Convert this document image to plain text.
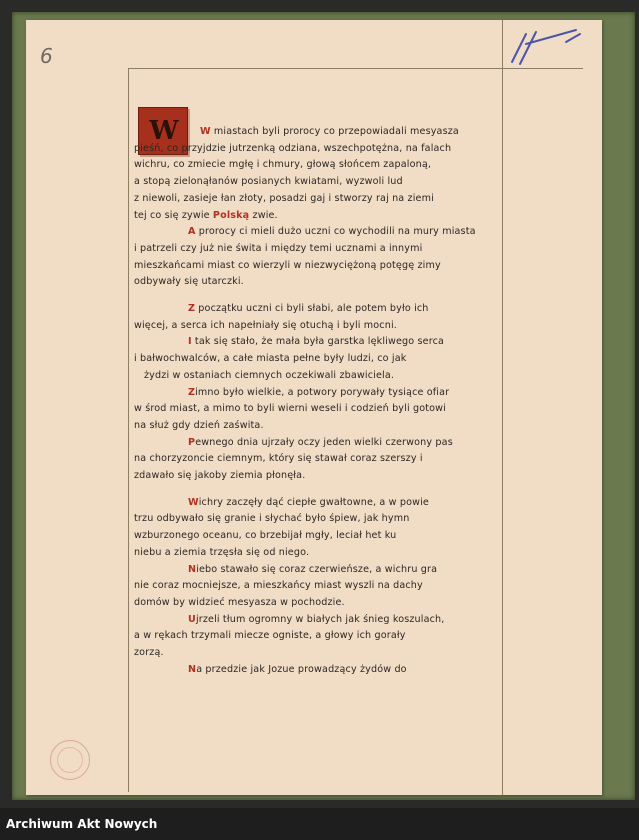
6
W	W miastach byli prorocy co przepowiadali mesyasza

pieśń, co przyjdzie jutrzenką odziana, wszechpotężna, na falach

wichru, co zmiecie mgłę i chmury, głową słońcem zapaloną,

a stopą zielonąłanów posianych kwiatami, wyzwoli lud

z niewoli, zasieje łan złoty, posadzi gaj i stworzy raj na ziemi

tej co się zywie Polską zwie.

A prorocy ci mieli dużo uczni co wychodili na mury miasta

i patrzeli czy już nie świta i między temi ucznami a innymi

mieszkańcami miast co wierzyli w niezwyciężoną potęgę zimy

odbywały się utarczki.

Z początku uczni ci byli słabi, ale potem było ich

więcej, a serca ich napełniały się otuchą i byli mocni.

I tak się stało, że mała była garstka lękliwego serca

i bałwochwalców, a całe miasta pełne były ludzi, co jak

żydzi w ostaniach ciemnych oczekiwali zbawiciela.

Zimno było wielkie, a potwory porywały tysiące ofiar

w środ miast, a mimo to byli wierni weseli i codzień byli gotowi

na służ gdy dzień zaświta.

Pewnego dnia ujrzały oczy jeden wielki czerwony pas

na chorzyzoncie ciemnym, który się stawał coraz szerszy i

zdawało się jakoby ziemia płonęła.

Wichry zaczęły dąć ciepłe gwałtowne, a w powie

trzu odbywało się granie i słychać było śpiew, jak hymn

wzburzonego oceanu, co brzebijał mgły, leciał het ku

niebu a ziemia trzęsła się od niego.

Niebo stawało się coraz czerwieńsze, a wichru gra

nie coraz mocniejsze, a mieszkańcy miast wyszli na dachy

domów by widzieć mesyasza w pochodzie.

Ujrzeli tłum ogromny w białych jak śnieg koszulach,

a w rękach trzymali miecze ogniste, a głowy ich gorały

zorzą.

Na przedzie jak Jozue prowadzący żydów do

Archiwum Akt Nowych
